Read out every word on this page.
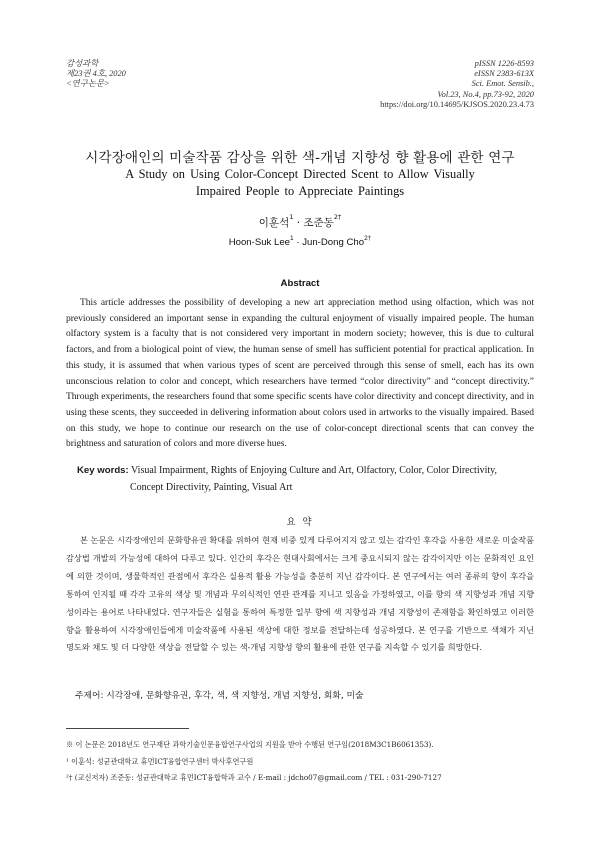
감성과학
제23권 4호, 2020
<연구논문>
pISSN 1226-8593
eISSN 2383-613X
Sci. Emot. Sensib.,
Vol.23, No.4, pp.73-92, 2020
https://doi.org/10.14695/KJSOS.2020.23.4.73
시각장애인의 미술작품 감상을 위한 색-개념 지향성 향 활용에 관한 연구
A Study on Using Color-Concept Directed Scent to Allow Visually
Impaired People to Appreciate Paintings
이훈석$^1$ · 조준동$^{2\dagger}$
Hoon-Suk Lee$^1$ · Jun-Dong Cho$^{2\dagger}$
Abstract
This article addresses the possibility of developing a new art appreciation method using olfaction, which was not previously considered an important sense in expanding the cultural enjoyment of visually impaired people. The human olfactory system is a faculty that is not considered very important in modern society; however, this is due to cultural factors, and from a biological point of view, the human sense of smell has sufficient potential for practical application. In this study, it is assumed that when various types of scent are perceived through this sense of smell, each has its own unconscious relation to color and concept, which researchers have termed “color directivity” and “concept directivity.” Through experiments, the researchers found that some specific scents have color directivity and concept directivity, and in using these scents, they succeeded in delivering information about colors used in artworks to the visually impaired. Based on this study, we hope to continue our research on the use of color-concept directional scents that can convey the brightness and saturation of colors and more diverse hues.
Key words: Visual Impairment, Rights of Enjoying Culture and Art, Olfactory, Color, Color Directivity,
Concept Directivity, Painting, Visual Art
요 약
본 논문은 시각장애인의 문화향유권 확대를 위하여 현재 비중 있게 다루어지지 않고 있는 감각인 후각을 사용한 새로운 미술작품 감상법 개발의 가능성에 대하여 다루고 있다. 인간의 후각은 현대사회에서는 크게 중요시되지 않는 감각이지만 이는 문화적인 요인에 의한 것이며, 생물학적인 관점에서 후각은 실용적 활용 가능성을 충분히 지닌 감각이다. 본 연구에서는 여러 종류의 향이 후각을 통하여 인지될 때 각각 고유의 색상 및 개념과 무의식적인 연관 관계를 지니고 있음을 가정하였고, 이를 향의 색 지향성과 개념 지향성이라는 용어로 나타내었다. 연구자들은 실험을 통하여 특정한 일부 향에 색 지향성과 개념 지향성이 존재함을 확인하였고 이러한 향을 활용하여 시각장애인들에게 미술작품에 사용된 색상에 대한 정보를 전달하는데 성공하였다. 본 연구를 기반으로 색채가 지닌 명도와 채도 및 더 다양한 색상을 전달할 수 있는 색-개념 지향성 향의 활용에 관한 연구를 지속할 수 있기를 희망한다.
주제어: 시각장애, 문화향유권, 후각, 색, 색 지향성, 개념 지향성, 회화, 미술
※ 이 논문은 2018년도 연구재단 과학기술인문융합연구사업의 지원을 받아 수행된 연구임(2018M3C1B6061353).
¹ 이훈석: 성균관대학교 휴먼ICT융합연구센터 박사후연구원
²† (교신저자) 조준동: 성균관대학교 휴먼ICT융합학과 교수 / E-mail : jdcho07@gmail.com / TEL : 031-290-7127
